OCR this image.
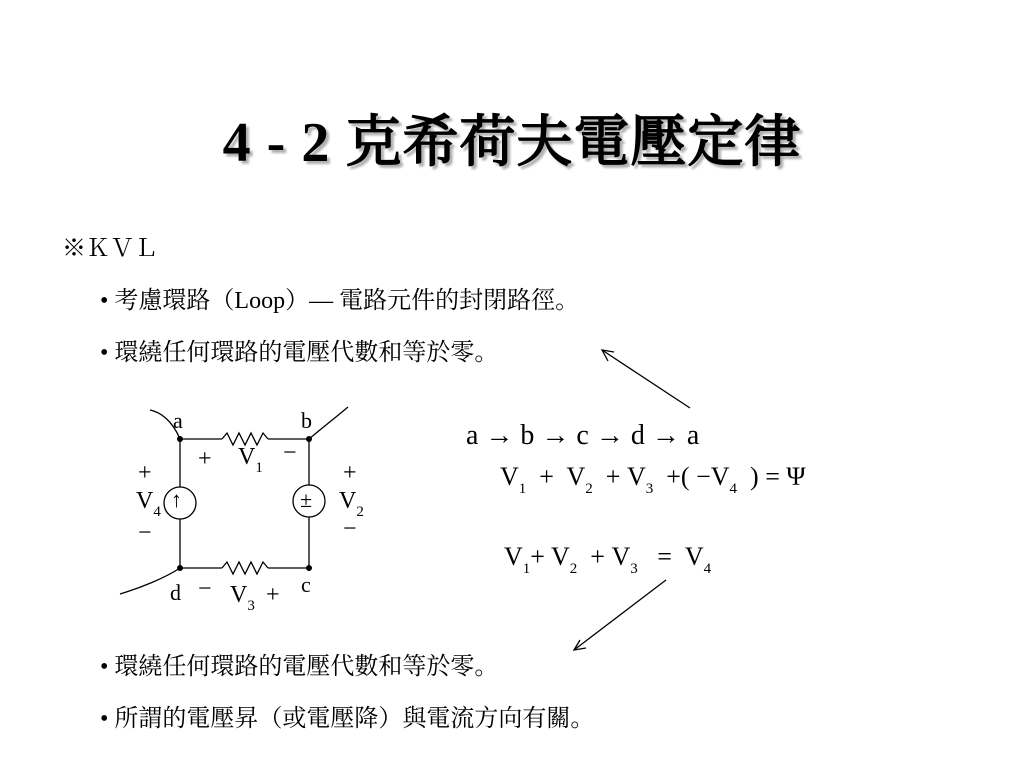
4 - 2 克希荷夫電壓定律
※ＫＶＬ
• 考慮環路（Loop）— 電路元件的封閉路徑。
• 環繞任何環路的電壓代數和等於零。
• 環繞任何環路的電壓代數和等於零。
• 所謂的電壓昇（或電壓降）與電流方向有關。
a	b
c
d
+ $V_1$
−
+
$V_4$
−
↑
+
$V_2$
−
±
− $V_3$ +
a → b → c → d → a
$V_1 + V_2 + V_3$ +( $-V_4$ ) = Ψ
$V_1+ V_2 + V_3 = V_4$
